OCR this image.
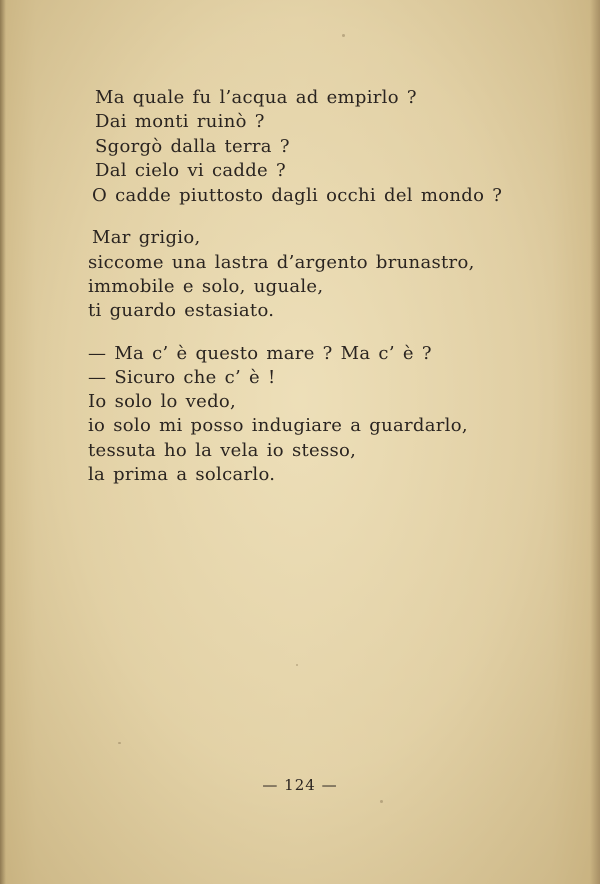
Ma quale fu l’acqua ad empirlo ?
Dai monti ruinò ?
Sgorgò dalla terra ?
Dal cielo vi cadde ?
O cadde piuttosto dagli occhi del mondo ?
Mar grigio,
siccome una lastra d’argento brunastro,
immobile e solo, uguale,
ti guardo estasiato.
— Ma c’ è questo mare ? Ma c’ è ?
— Sicuro che c’ è !
Io solo lo vedo,
io solo mi posso indugiare a guardarlo,
tessuta ho la vela io stesso,
la prima a solcarlo.
— 124 —
